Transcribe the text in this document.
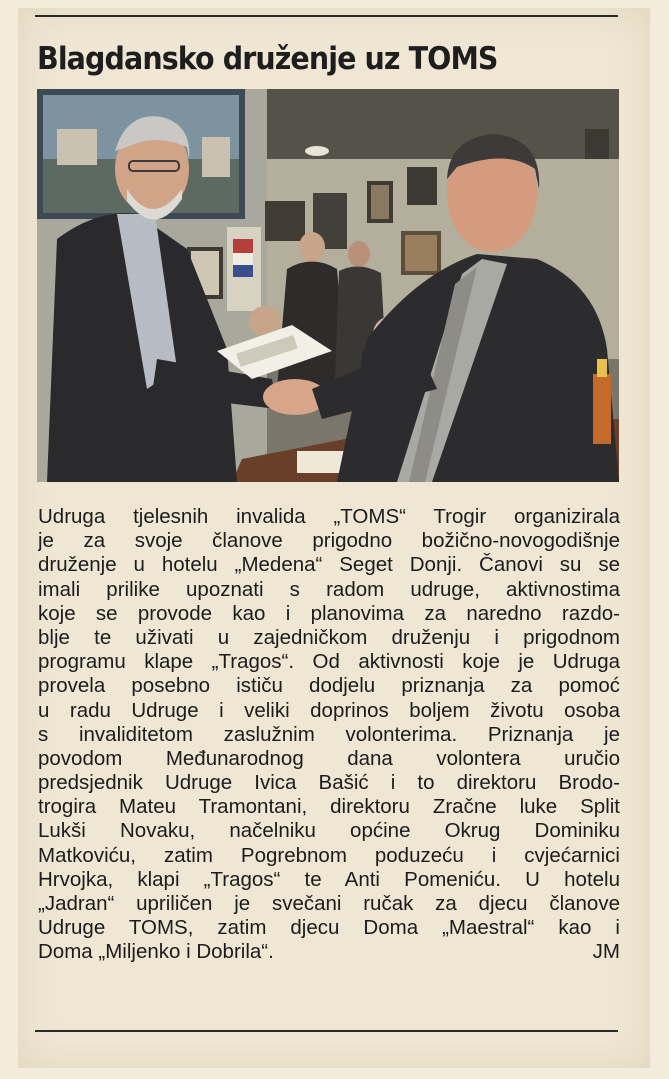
Blagdansko druženje uz TOMS
Udruga tjelesnih invalida „TOMS“ Trogir organizirala
je za svoje članove prigodno božično-novogodišnje
druženje u hotelu „Medena“ Seget Donji. Čanovi su se
imali prilike upoznati s radom udruge, aktivnostima
koje se provode kao i planovima za naredno razdo-
blje te uživati u zajedničkom druženju i prigodnom
programu klape „Tragos“. Od aktivnosti koje je Udruga
provela posebno ističu dodjelu priznanja za pomoć
u radu Udruge i veliki doprinos boljem životu osoba
s invaliditetom zaslužnim volonterima. Priznanja je
povodom Međunarodnog dana volontera uručio
predsjednik Udruge Ivica Bašić i to direktoru Brodo-
trogira Mateu Tramontani, direktoru Zračne luke Split
Lukši Novaku, načelniku općine Okrug Dominiku
Matkoviću, zatim Pogrebnom poduzeću i cvjećarnici
Hrvojka, klapi „Tragos“ te Anti Pomeniću. U hotelu
„Jadran“ upriličen je svečani ručak za djecu članove
Udruge TOMS, zatim djecu Doma „Maestral“ kao i
Doma „Miljenko i Dobrila“.	JM
